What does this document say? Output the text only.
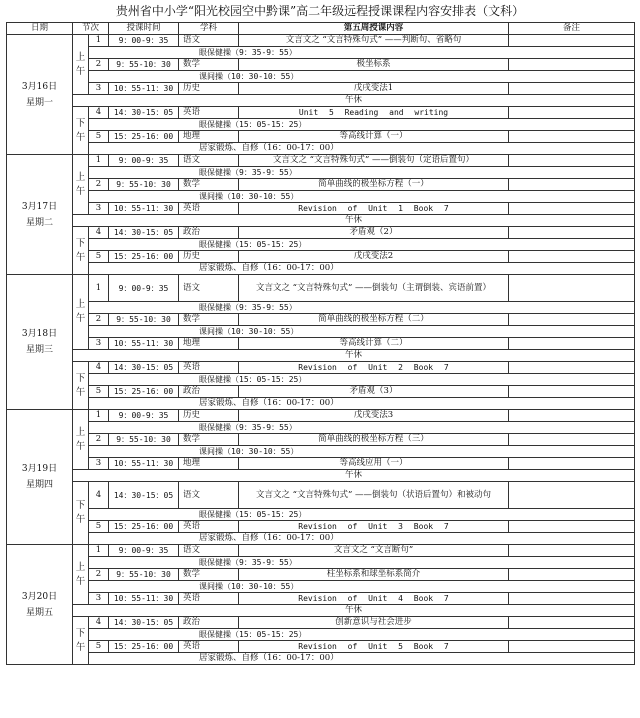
贵州省中小学“阳光校园空中黔课”高二年级远程授课课程内容安排表（文科）
日期	节次		授课时间	学科	第五周授课内容	备注

3月16日
星期一	上午	1	9：00-9：35	语文	文言文之 “文言特殊句式” ——判断句、省略句	
		眼保健操（9：35-9：55）				
		2	9：55-10：30	数学	极坐标系	
		课间操（10：30-10：55）				
		3	10：55-11：30	历史	戊戌变法1	
	午休					
	下午	4	14：30-15：05	英语	Unit 5 Reading and writing	
		眼保健操（15：05-15：25）				
		5	15：25-16：00	地理	等高线计算（一）	
		居家锻炼、自修（16：00-17：00）				

3月17日
星期二	上午	1	9：00-9：35	语文	文言文之 “文言特殊句式” ——倒装句（定语后置句）	
		眼保健操（9：35-9：55）				
		2	9：55-10：30	数学	简单曲线的极坐标方程（一）	
		课间操（10：30-10：55）				
		3	10：55-11：30	英语	Revision of Unit 1 Book 7	
	午休					
	下午	4	14：30-15：05	政治	矛盾观（2）	
		眼保健操（15：05-15：25）				
		5	15：25-16：00	历史	戊戌变法2	
		居家锻炼、自修（16：00-17：00）				

3月18日
星期三	上午	1	9：00-9：35	语文	文言文之 “文言特殊句式” ——倒装句（主谓倒装、宾语前置）	
		眼保健操（9：35-9：55）				
		2	9：55-10：30	数学	简单曲线的极坐标方程（二）	
		课间操（10：30-10：55）				
		3	10：55-11：30	地理	等高线计算（二）	
	午休					
	下午	4	14：30-15：05	英语	Revision of Unit 2 Book 7	
		眼保健操（15：05-15：25）				
		5	15：25-16：00	政治	矛盾观（3）	
		居家锻炼、自修（16：00-17：00）				

3月19日
星期四	上午	1	9：00-9：35	历史	戊戌变法3	
		眼保健操（9：35-9：55）				
		2	9：55-10：30	数学	简单曲线的极坐标方程（三）	
		课间操（10：30-10：55）				
		3	10：55-11：30	地理	等高线应用（一）	
	午休					
	下午	4	14：30-15：05	语文	文言文之 “文言特殊句式” ——倒装句（状语后置句）和被动句	
		眼保健操（15：05-15：25）				
		5	15：25-16：00	英语	Revision of Unit 3 Book 7	
		居家锻炼、自修（16：00-17：00）				

3月20日
星期五	上午	1	9：00-9：35	语文	文言文之 “文言断句”	
		眼保健操（9：35-9：55）				
		2	9：55-10：30	数学	柱坐标系和球坐标系简介	
		课间操（10：30-10：55）				
		3	10：55-11：30	英语	Revision of Unit 4 Book 7	
	午休					
	下午	4	14：30-15：05	政治	创新意识与社会进步	
		眼保健操（15：05-15：25）				
		5	15：25-16：00	英语	Revision of Unit 5 Book 7	
		居家锻炼、自修（16：00-17：00）				
